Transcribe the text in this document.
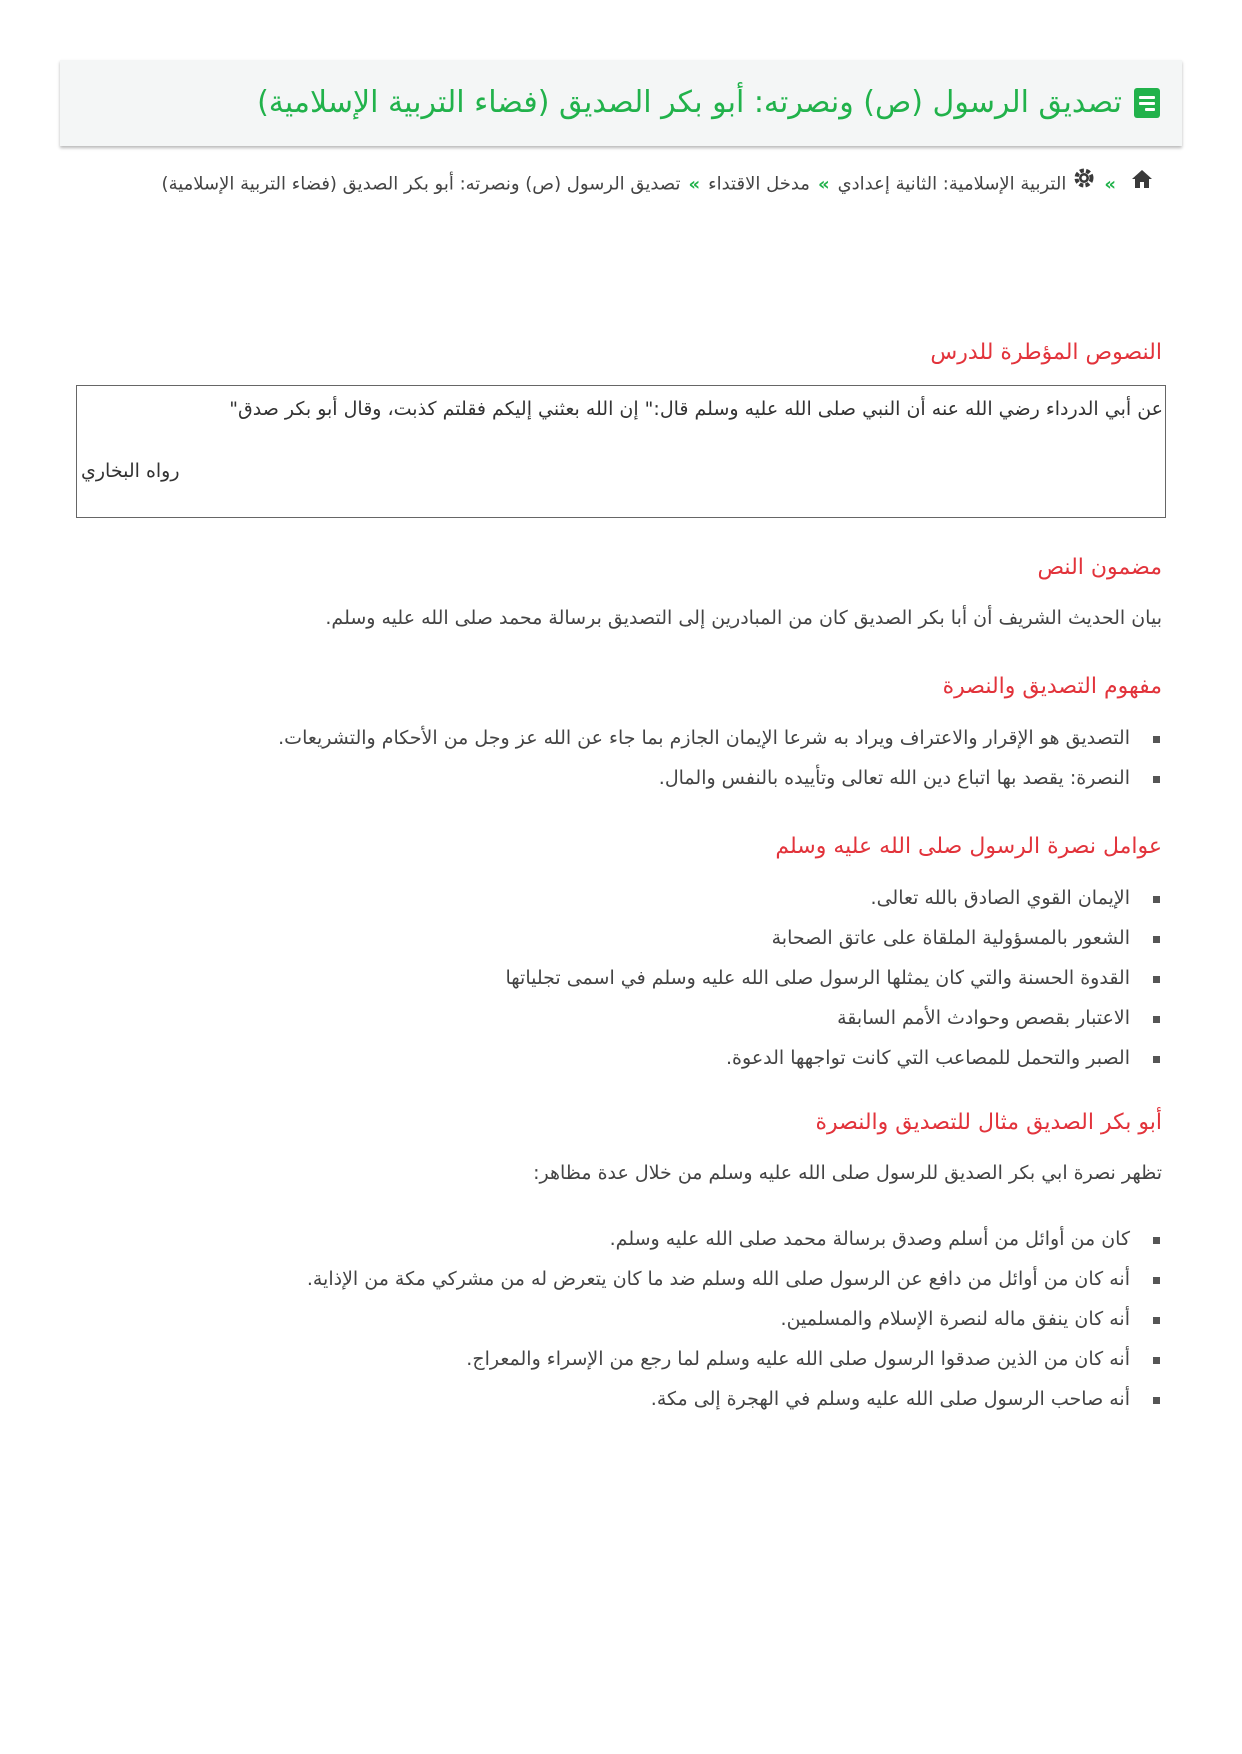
تصديق الرسول (ص) ونصرته: أبو بكر الصديق (فضاء التربية الإسلامية)
»التربية الإسلامية: الثانية إعدادي»مدخل الاقتداء»تصديق الرسول (ص) ونصرته: أبو بكر الصديق (فضاء التربية الإسلامية)
النصوص المؤطرة للدرس
عن أبي الدرداء رضي الله عنه أن النبي صلى الله عليه وسلم قال:" إن الله بعثني إليكم فقلتم كذبت، وقال أبو بكر صدق"
رواه البخاري
مضمون النص

بيان الحديث الشريف أن أبا بكر الصديق كان من المبادرين إلى التصديق برسالة محمد صلى الله عليه وسلم.

مفهوم التصديق والنصرة
التصديق هو الإقرار والاعتراف ويراد به شرعا الإيمان الجازم بما جاء عن الله عز وجل من الأحكام والتشريعات.
النصرة: يقصد بها اتباع دين الله تعالى وتأييده بالنفس والمال.
عوامل نصرة الرسول صلى الله عليه وسلم
الإيمان القوي الصادق بالله تعالى.
الشعور بالمسؤولية الملقاة على عاتق الصحابة
القدوة الحسنة والتي كان يمثلها الرسول صلى الله عليه وسلم في اسمى تجلياتها
الاعتبار بقصص وحوادث الأمم السابقة
الصبر والتحمل للمصاعب التي كانت تواجهها الدعوة.
أبو بكر الصديق مثال للتصديق والنصرة

تظهر نصرة ابي بكر الصديق للرسول صلى الله عليه وسلم من خلال عدة مظاهر:

كان من أوائل من أسلم وصدق برسالة محمد صلى الله عليه وسلم.
أنه كان من أوائل من دافع عن الرسول صلى الله وسلم ضد ما كان يتعرض له من مشركي مكة من الإذاية.
أنه كان ينفق ماله لنصرة الإسلام والمسلمين.
أنه كان من الذين صدقوا الرسول صلى الله عليه وسلم لما رجع من الإسراء والمعراج.
أنه صاحب الرسول صلى الله عليه وسلم في الهجرة إلى مكة.
